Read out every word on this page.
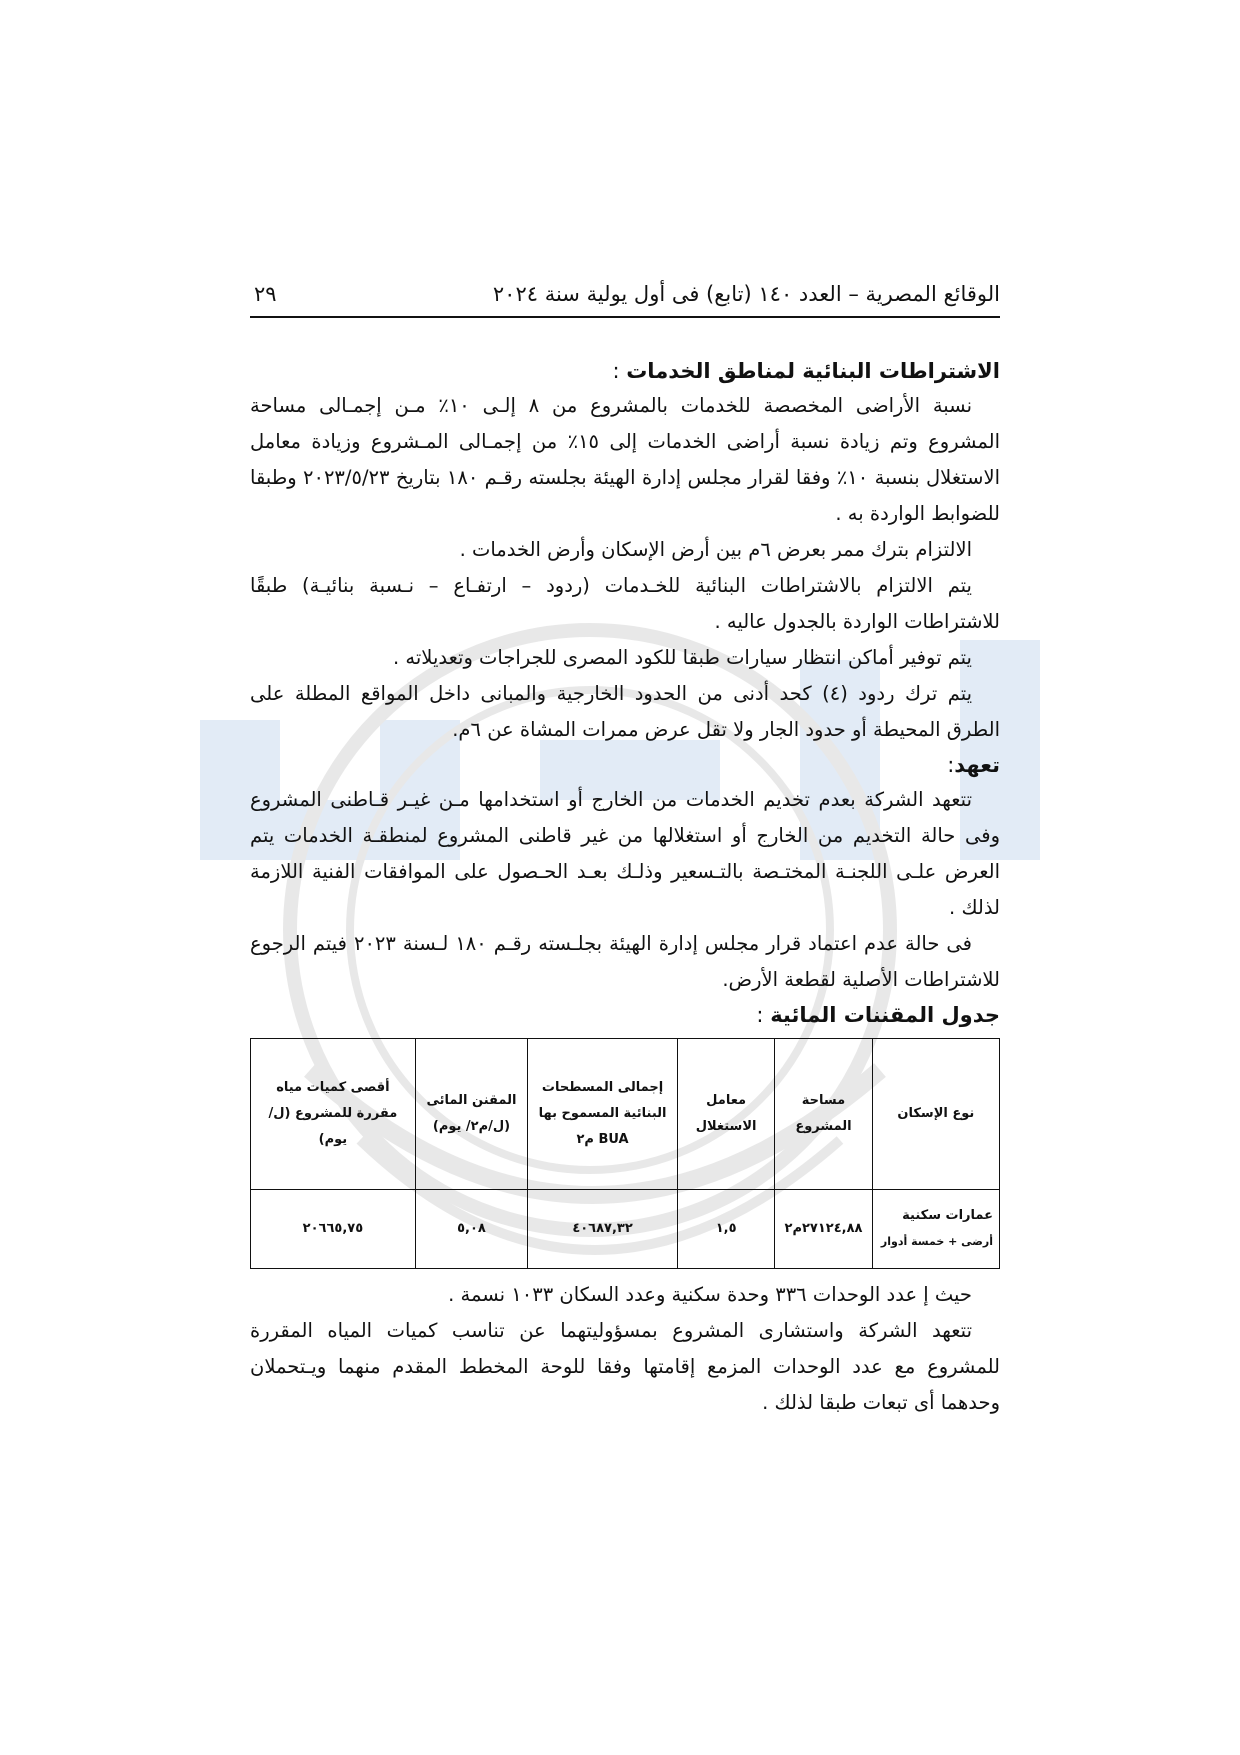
الوقائع المصرية – العدد ١٤٠ (تابع) فى أول يولية سنة ٢٠٢٤
٢٩

الاشتراطات البنائية لمناطق الخدمات :

نسبة الأراضى المخصصة للخدمات بالمشروع من ٨ إلـى ١٠٪ مـن إجمـالى مساحة المشروع وتم زيادة نسبة أراضى الخدمات إلى ١٥٪ من إجمـالى المـشروع وزيادة معامل الاستغلال بنسبة ١٠٪ وفقا لقرار مجلس إدارة الهيئة بجلسته رقـم ١٨٠ بتاريخ ٢٠٢٣/٥/٢٣ وطبقا للضوابط الواردة به .

الالتزام بترك ممر بعرض ٦م بين أرض الإسكان وأرض الخدمات .

يتم الالتزام بالاشتراطات البنائية للخـدمات (ردود – ارتفـاع – نـسبة بنائيـة) طبقًا للاشتراطات الواردة بالجدول عاليه .

يتم توفير أماكن انتظار سيارات طبقا للكود المصرى للجراجات وتعديلاته .

يتم ترك ردود (٤) كحد أدنى من الحدود الخارجية والمبانى داخل المواقع المطلة على الطرق المحيطة أو حدود الجار ولا تقل عرض ممرات المشاة عن ٦م.

تعهد:

تتعهد الشركة بعدم تخديم الخدمات من الخارج أو استخدامها مـن غيـر قـاطنى المشروع وفى حالة التخديم من الخارج أو استغلالها من غير قاطنى المشروع لمنطقـة الخدمات يتم العرض علـى اللجنـة المختـصة بالتـسعير وذلـك بعـد الحـصول على الموافقات الفنية اللازمة لذلك .

فى حالة عدم اعتماد قرار مجلس إدارة الهيئة بجلـسته رقـم ١٨٠ لـسنة ٢٠٢٣ فيتم الرجوع للاشتراطات الأصلية لقطعة الأرض.

جدول المقننات المائية :

نوع الإسكان	مساحة المشروع	معامل الاستغلال	إجمالى المسطحات البنائية المسموح بها BUA م٢	المقنن المائى (ل/م٢/ يوم)	أقصى كميات مياه مقررة للمشروع (ل/يوم)
عمارات سكنية
أرضى + خمسة أدوار	٢٧١٢٤,٨٨م٢	١,٥	٤٠٦٨٧,٣٢	٥,٠٨	٢٠٦٦٥,٧٥

حيث إ عدد الوحدات ٣٣٦ وحدة سكنية وعدد السكان ١٠٣٣ نسمة .

تتعهد الشركة واستشارى المشروع بمسؤوليتهما عن تناسب كميات المياه المقررة للمشروع مع عدد الوحدات المزمع إقامتها وفقا للوحة المخطط المقدم منهما ويـتحملان وحدهما أى تبعات طبقا لذلك .
